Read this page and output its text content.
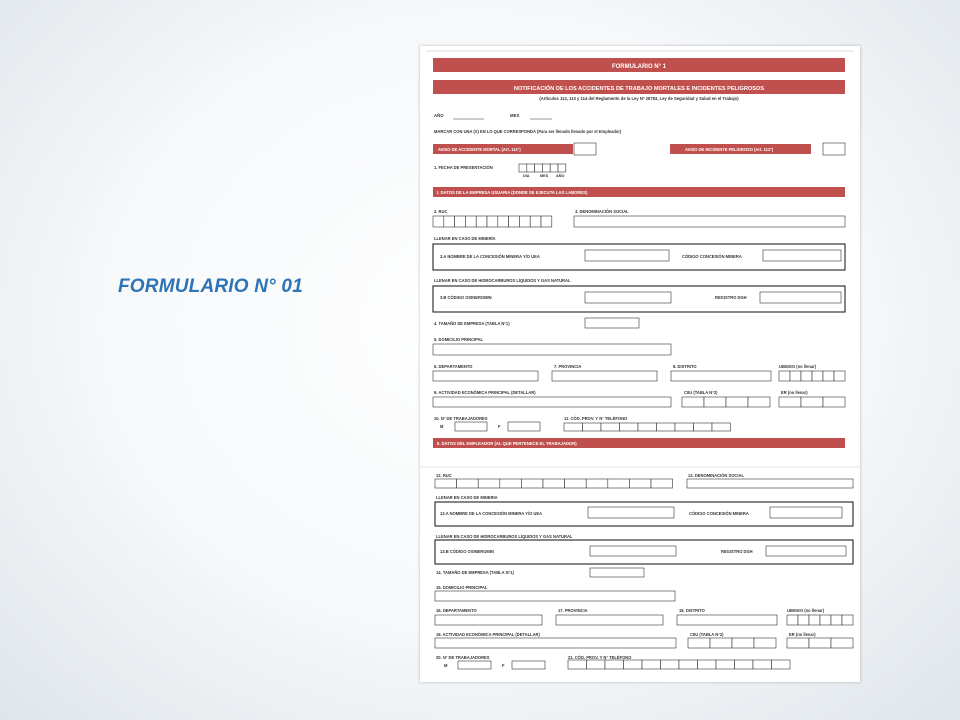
FORMULARIO N° 01
FORMULARIO N° 1
NOTIFICACIÓN DE LOS ACCIDENTES DE TRABAJO MORTALES E INCIDENTES PELIGROSOS
(Artículos 112, 113 y 114 del Reglamento de la Ley Nº 29783, Ley de Seguridad y Salud en el Trabajo)
AÑO	MES
MARCAR CON UNA (X) EN LO QUE CORRESPONDA (Para ser llenado llenado por el Empleador)
AVISO DE ACCIDENTE MORTAL (Art. 112°)	AVISO DE INCIDENTE PELIGROSO (Art. 112°)
1. FECHA DE PRESENTACIÓN
DIA	MES AÑO
I. DATOS DE LA EMPRESA USUARIA (DONDE SE EJECUTA LAS LABORES)
2. RUC	3. DENOMINACIÓN SOCIAL
LLENAR EN CASO DE MINERÍA
3.A NOMBRE DE LA CONCESIÓN MINERA Y/O UEA	CÓDIGO CONCESIÓN MINERA
LLENAR EN CASO DE HIDROCARBUROS LÍQUIDOS Y GAS NATURAL
3.B CÓDIGO OSINERGMIN	REGISTRO DGH
4. TAMAÑO DE EMPRESA (TABLA N°1)
5. DOMICILIO PRINCIPAL
6. DEPARTAMENTO	7. PROVINCIA	8. DISTRITO	UBIGEO (no llenar)
9. ACTIVIDAD ECONÓMICA PRINCIPAL (DETALLAR)	CIIU (TABLA N°2)	ER (no llenar)
10. N° DE TRABAJADORES
M	F
11. CÓD. PROV. Y N° TELÉFONO
II. DATOS DEL EMPLEADOR (AL QUE PERTENECE EL TRABAJADOR)
12. RUC	13. DENOMINACIÓN SOCIAL
LLENAR EN CASO DE MINERIA
13.A NOMBRE DE LA CONCESIÓN MINERA Y/O UEA	CÓDIGO CONCESIÓN MINERA
LLENAR EN CASO DE HIDROCARBUROS LÍQUIDOS Y GAS NATURAL
13.B CÓDIGO OSINERGMIN	REGISTRO DGH
14. TAMAÑO DE EMPRESA (TABLA N°1)
15. DOMICILIO PRINCIPAL
16. DEPARTAMENTO	17. PROVINCIA	18. DISTRITO	UBIGEO (no llenar)
19. ACTIVIDAD ECONÓMICA PRINCIPAL (DETALLAR)	CIIU (TABLA N°2)	ER (no llenar)
20. N° DE TRABAJADORES
M	F
21. CÓD. PROV. Y N° TELÉFONO
